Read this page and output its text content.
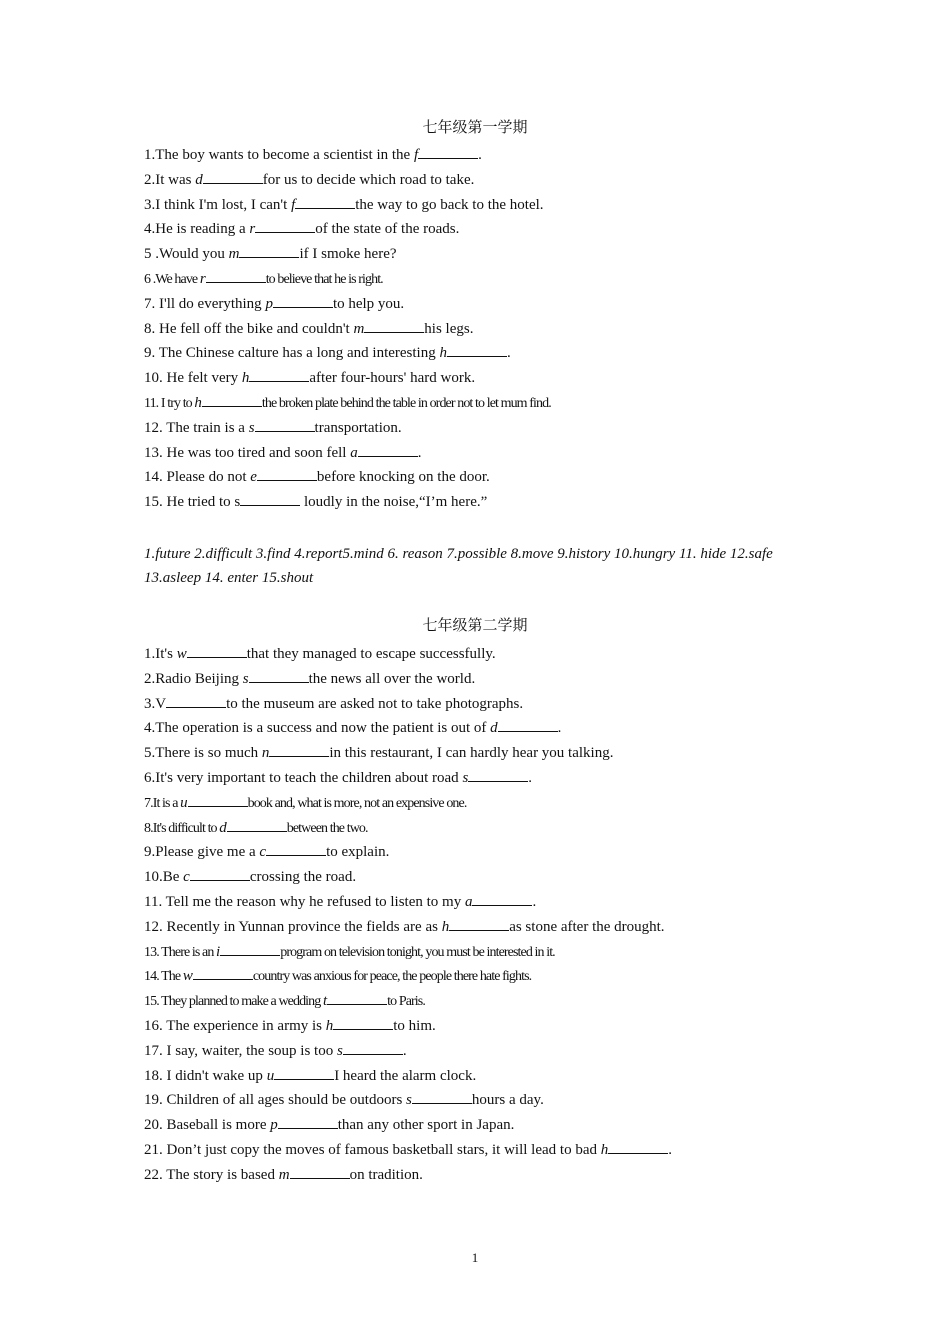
七年级第一学期
1.The boy wants to become a scientist in the f	.
2.It was d	for us to decide which road to take.
3.I think I'm lost, I can't f	the way to go back to the hotel.
4.He is reading a r	of the state of the roads.
5 .Would you m	if I smoke here?
6 .We have r	to believe that he is right.
7. I'll do everything p	to help you.
8. He fell off the bike and couldn't m	his legs.
9. The Chinese calture has a long and interesting h	.
10. He felt very h	after four-hours' hard work.
11. I try to h	the broken plate behind the table in order not to let mum find.
12. The train is a s	transportation.
13. He was too tired and soon fell a	.
14. Please do not e	before knocking on the door.
15. He tried to s	loudly in the noise,“I’m here.”
1.future 2.difficult 3.find 4.report5.mind 6. reason 7.possible 8.move 9.history 10.hungry 11. hide 12.safe 13.asleep 14. enter 15.shout
七年级第二学期
1.It's w	that they managed to escape successfully.
2.Radio Beijing s	the news all over the world.
3.V	to the museum are asked not to take photographs.
4.The operation is a success and now the patient is out of d	.
5.There is so much n	in this restaurant, I can hardly hear you talking.
6.It's very important to teach the children about road s	.
7.It is a u	book and, what is more, not an expensive one.
8.It's difficult to d	between the two.
9.Please give me a c	to explain.
10.Be c	crossing the road.
11. Tell me the reason why he refused to listen to my a	.
12. Recently in Yunnan province the fields are as h	as stone after the drought.
13. There is an i	program on television tonight, you must be interested in it.
14. The w	country was anxious for peace, the people there hate fights.
15. They planned to make a wedding t	to Paris.
16. The experience in army is h	to him.
17. I say, waiter, the soup is too s	.
18. I didn't wake up u	I heard the alarm clock.
19. Children of all ages should be outdoors s	hours a day.
20. Baseball is more p	than any other sport in Japan.
21. Don’t just copy the moves of famous basketball stars, it will lead to bad h	.
22. The story is based m	on tradition.
1
